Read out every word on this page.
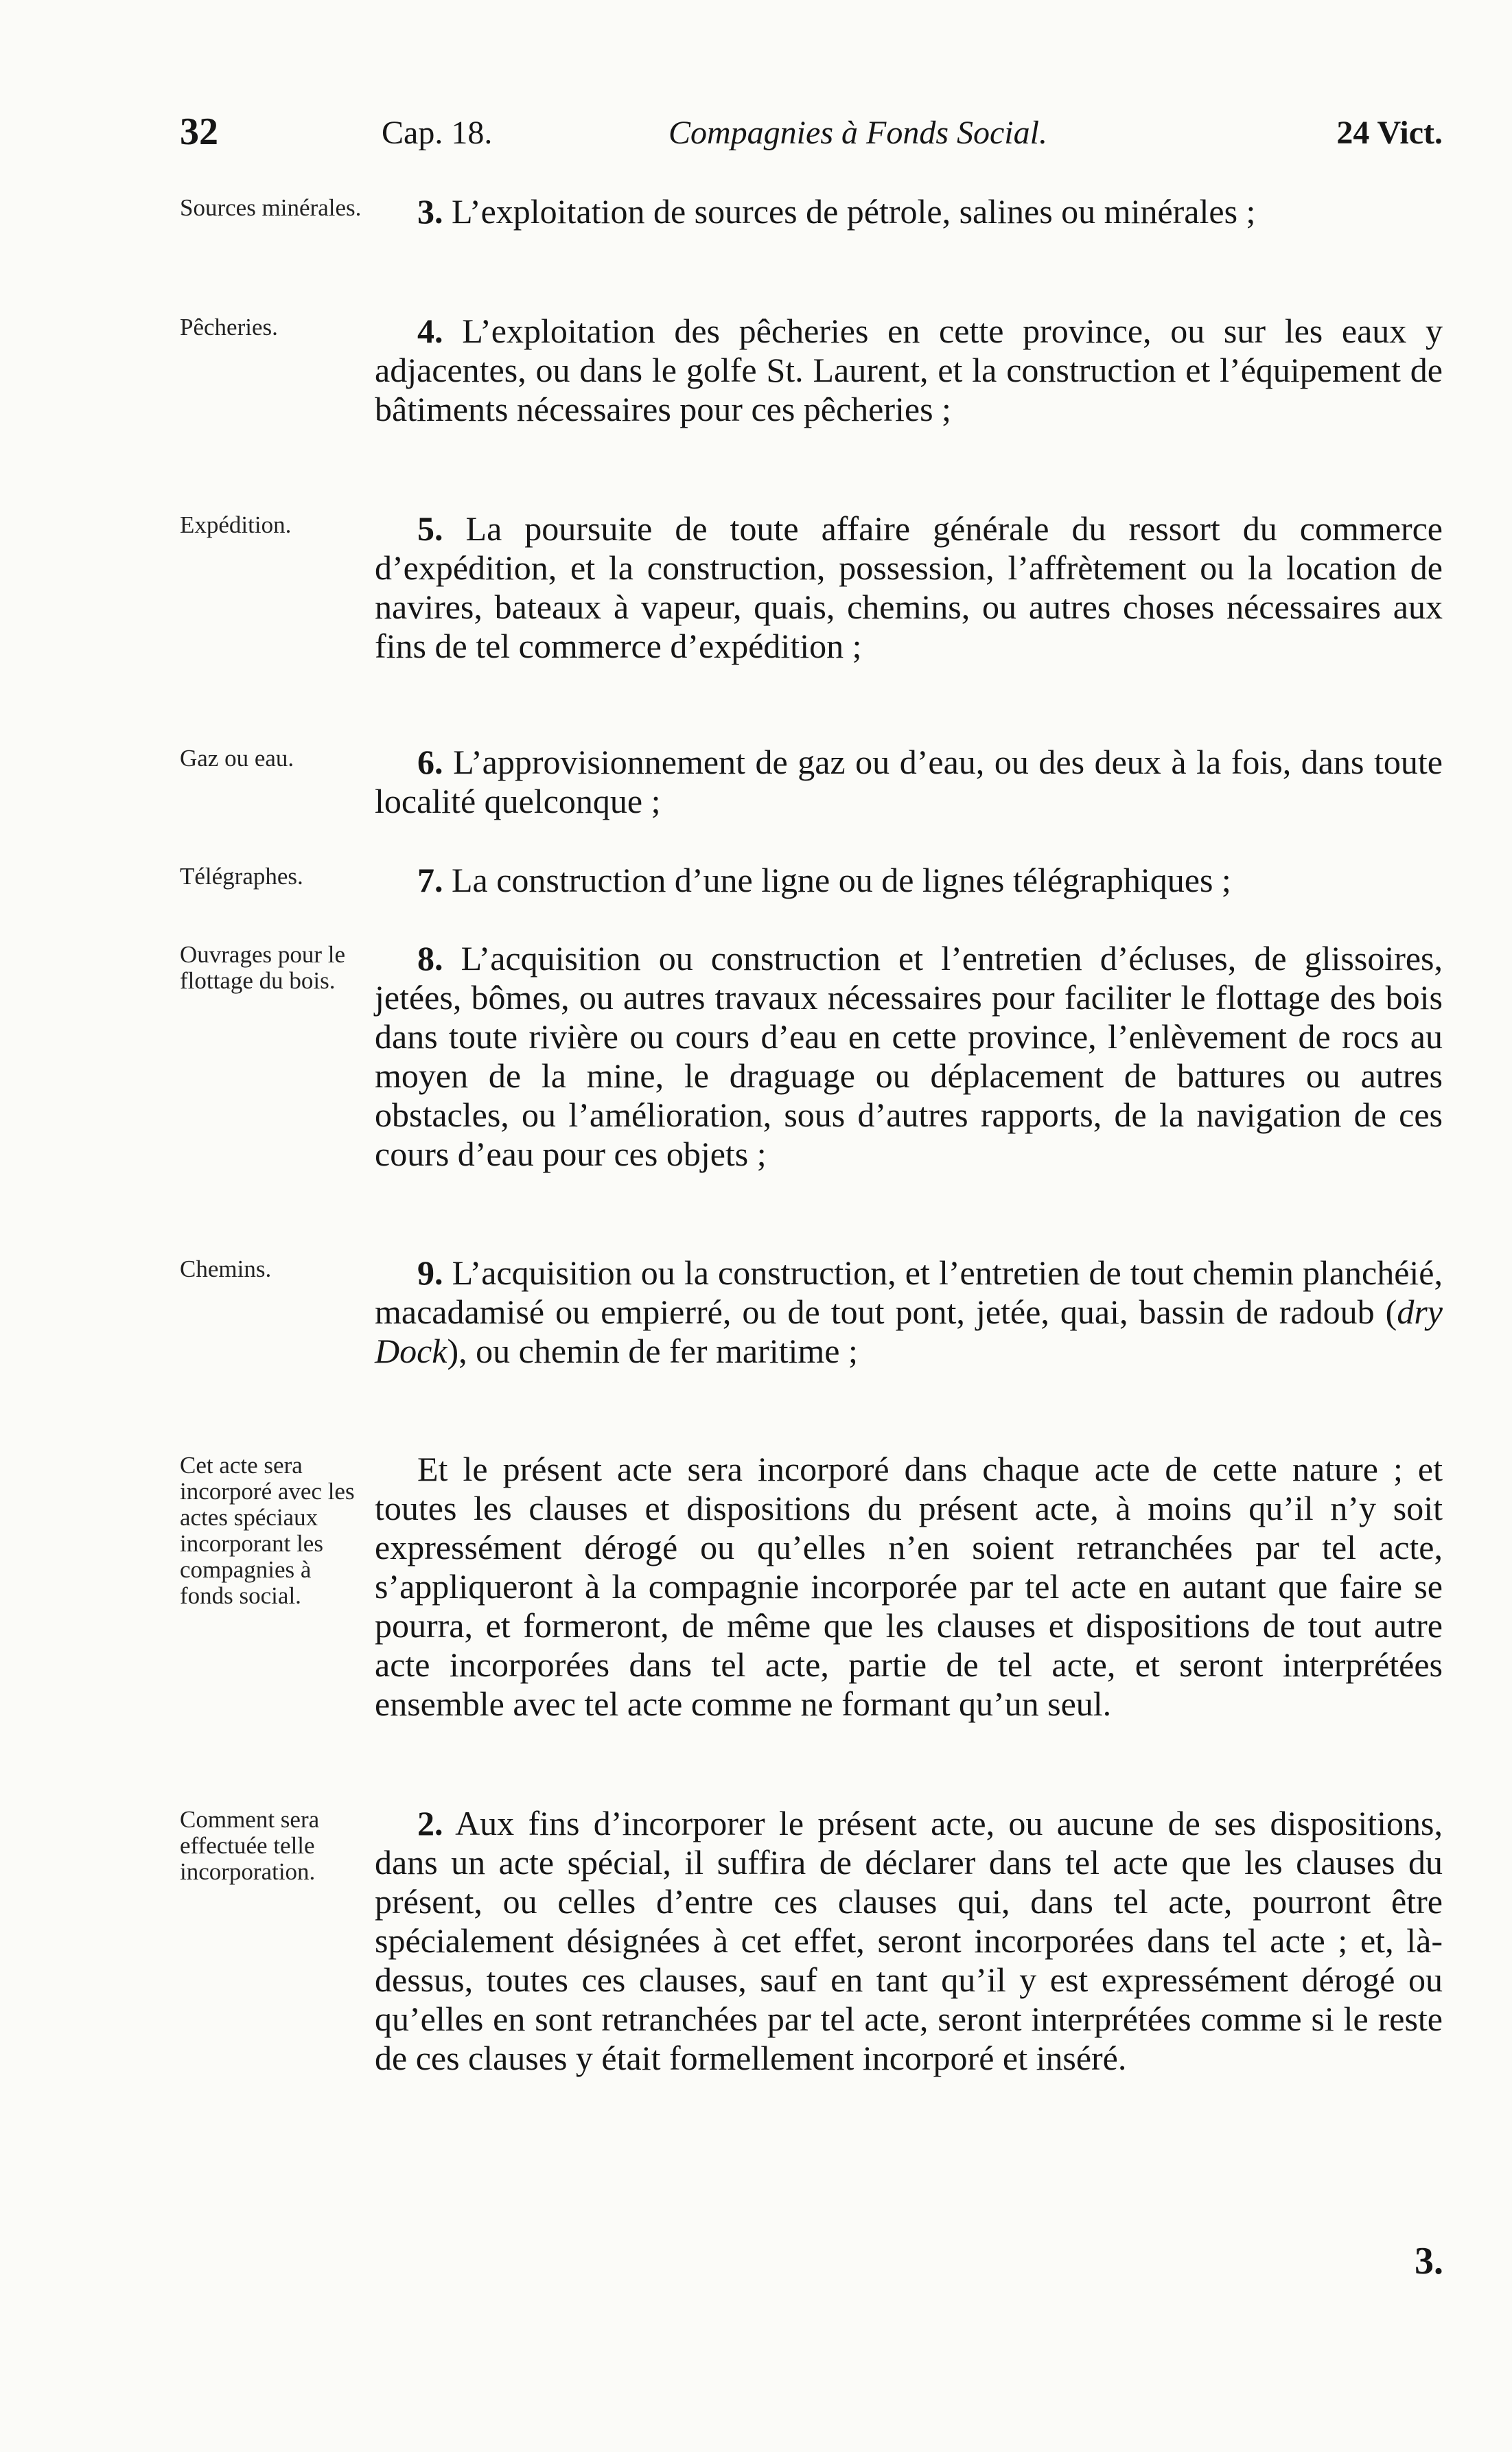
32	Cap. 18.	Compagnies à Fonds Social.	24 Vict.
Sources minérales.	3. L’exploitation de sources de pétrole, salines ou minérales ;
Pêcheries.	4. L’exploitation des pêcheries en cette province, ou sur les eaux y adjacentes, ou dans le golfe St. Laurent, et la construction et l’équipement de bâtiments nécessaires pour ces pêcheries ;
Expédition.	5. La poursuite de toute affaire générale du ressort du commerce d’expédition, et la construction, possession, l’affrètement ou la location de navires, bateaux à vapeur, quais, chemins, ou autres choses nécessaires aux fins de tel commerce d’expédition ;
Gaz ou eau.	6. L’approvisionnement de gaz ou d’eau, ou des deux à la fois, dans toute localité quelconque ;
Télégraphes.	7. La construction d’une ligne ou de lignes télégraphiques ;
Ouvrages pour le flottage du bois.
8. L’acquisition ou construction et l’entretien d’écluses, de glissoires, jetées, bômes, ou autres travaux nécessaires pour faciliter le flottage des bois dans toute rivière ou cours d’eau en cette province, l’enlèvement de rocs au moyen de la mine, le draguage ou déplacement de battures ou autres obstacles, ou l’amélioration, sous d’autres rapports, de la navigation de ces cours d’eau pour ces objets ;
Chemins.	9. L’acquisition ou la construction, et l’entretien de tout chemin planchéié, macadamisé ou empierré, ou de tout pont, jetée, quai, bassin de radoub (dry Dock), ou chemin de fer maritime ;
Cet acte sera incorporé avec les actes spéciaux incorporant les compagnies à fonds social.
Et le présent acte sera incorporé dans chaque acte de cette nature ; et toutes les clauses et dispositions du présent acte, à moins qu’il n’y soit expressément dérogé ou qu’elles n’en soient retranchées par tel acte, s’appliqueront à la compagnie incorporée par tel acte en autant que faire se pourra, et formeront, de même que les clauses et dispositions de tout autre acte incorporées dans tel acte, partie de tel acte, et seront interprétées ensemble avec tel acte comme ne formant qu’un seul.
Comment sera effectuée telle incorporation.
2. Aux fins d’incorporer le présent acte, ou aucune de ses dispositions, dans un acte spécial, il suffira de déclarer dans tel acte que les clauses du présent, ou celles d’entre ces clauses qui, dans tel acte, pourront être spécialement désignées à cet effet, seront incorporées dans tel acte ; et, là-dessus, toutes ces clauses, sauf en tant qu’il y est expressément dérogé ou qu’elles en sont retranchées par tel acte, seront interprétées comme si le reste de ces clauses y était formellement incorporé et inséré.
3.
